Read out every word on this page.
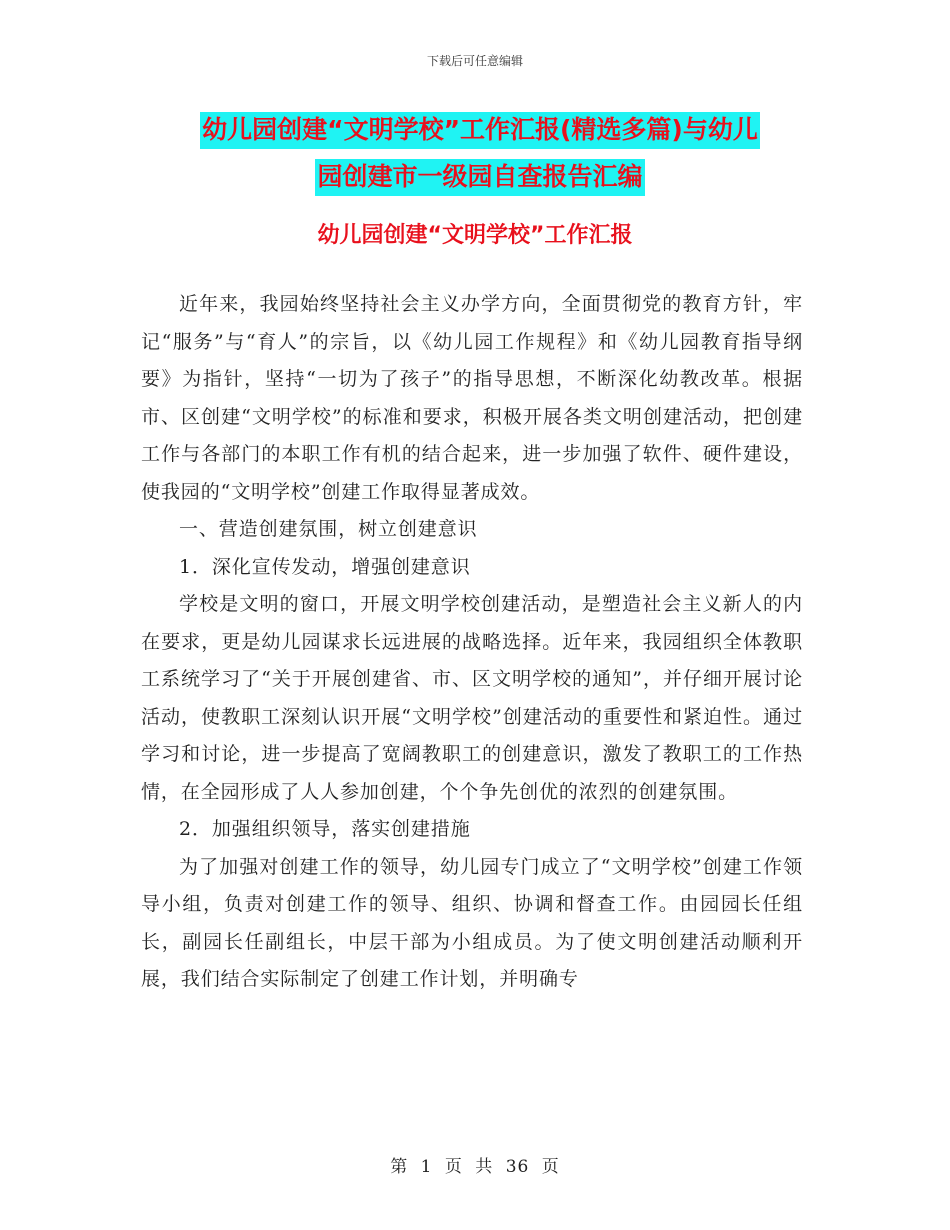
下载后可任意编辑
幼儿园创建“文明学校”工作汇报(精选多篇)与幼儿
园创建市一级园自查报告汇编
幼儿园创建“文明学校”工作汇报

近年来，我园始终坚持社会主义办学方向，全面贯彻党的教育方针，牢记“服务”与“育人”的宗旨，以《幼儿园工作规程》和《幼儿园教育指导纲要》为指针，坚持“一切为了孩子”的指导思想，不断深化幼教改革。根据市、区创建“文明学校”的标准和要求，积极开展各类文明创建活动，把创建工作与各部门的本职工作有机的结合起来，进一步加强了软件、硬件建设，使我园的“文明学校”创建工作取得显著成效。

一、营造创建氛围，树立创建意识

1．深化宣传发动，增强创建意识

学校是文明的窗口，开展文明学校创建活动，是塑造社会主义新人的内在要求，更是幼儿园谋求长远进展的战略选择。近年来，我园组织全体教职工系统学习了“关于开展创建省、市、区文明学校的通知”，并仔细开展讨论活动，使教职工深刻认识开展“文明学校”创建活动的重要性和紧迫性。通过学习和讨论，进一步提高了宽阔教职工的创建意识，激发了教职工的工作热情，在全园形成了人人参加创建，个个争先创优的浓烈的创建氛围。

2．加强组织领导，落实创建措施

为了加强对创建工作的领导，幼儿园专门成立了“文明学校”创建工作领导小组，负责对创建工作的领导、组织、协调和督查工作。由园园长任组长，副园长任副组长，中层干部为小组成员。为了使文明创建活动顺利开展，我们结合实际制定了创建工作计划，并明确专

第 1 页 共 36 页
